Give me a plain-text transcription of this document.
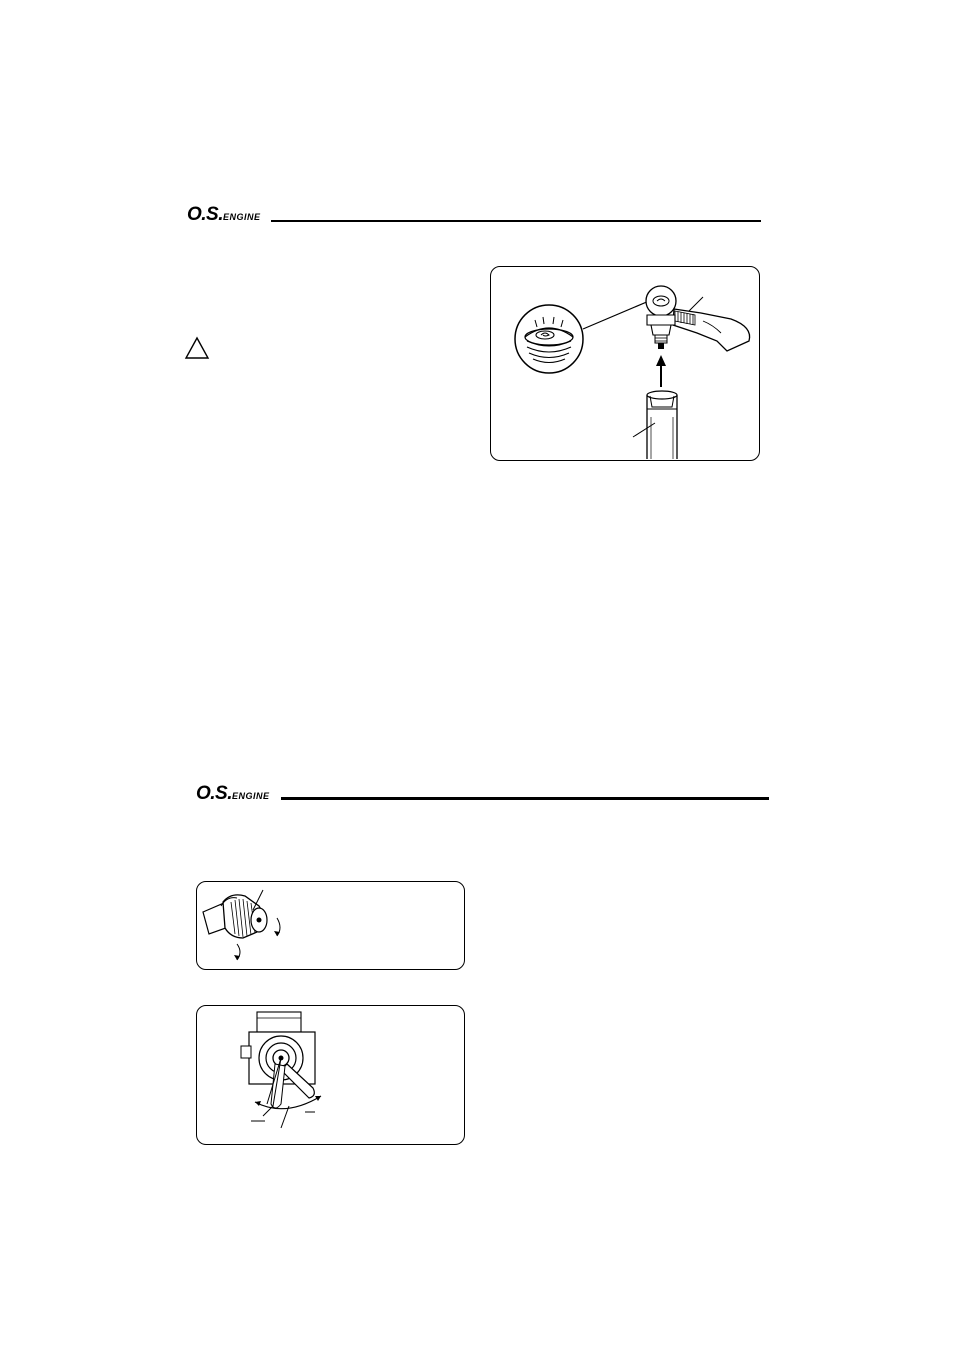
O.S.ENGINE
O.S.ENGINE
